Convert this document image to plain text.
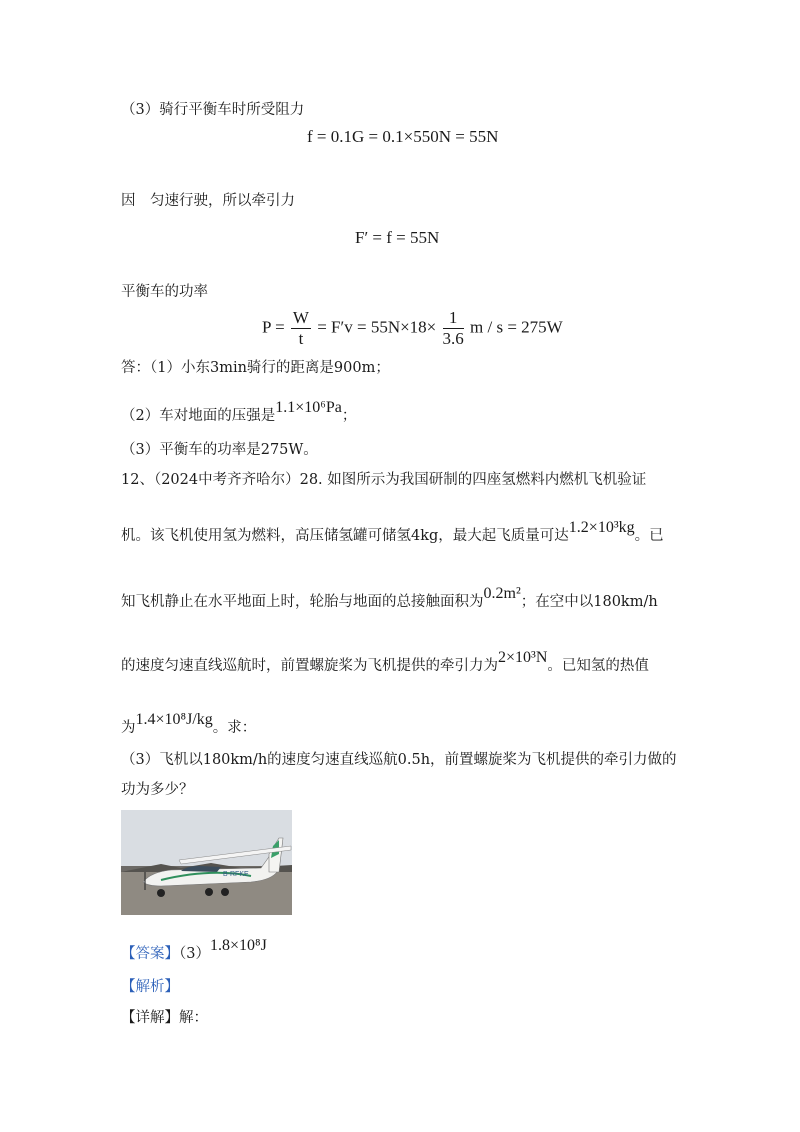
（3）骑行平衡车时所受阻力
f = 0.1G = 0.1×550N = 55N
因　匀速行驶，所以牵引力
F′ = f = 55N
平衡车的功率
$P = \frac{W}{t} = F'v = 55N\times 18\times \frac{1}{3.6}$ m / s = 275W
答：（1）小东3min骑行的距离是900m；
（2）车对地面的压强是1.1×10⁶Pa；
（3）平衡车的功率是275W。
12、（2024中考齐齐哈尔）28. 如图所示为我国研制的四座氢燃料内燃机飞机验证
机。该飞机使用氢为燃料，高压储氢罐可储氢4kg，最大起飞质量可达1.2×10³kg。已
知飞机静止在水平地面上时，轮胎与地面的总接触面积为0.2m²；在空中以180km/h
的速度匀速直线巡航时，前置螺旋桨为飞机提供的牵引力为2×10³N。已知氢的热值
为1.4×10⁸J/kg。求：
（3）飞机以180km/h的速度匀速直线巡航0.5h，前置螺旋桨为飞机提供的牵引力做的
功为多少？
B-RFKE
【答案】（3）1.8×10⁸J
【解析】
【详解】解：
